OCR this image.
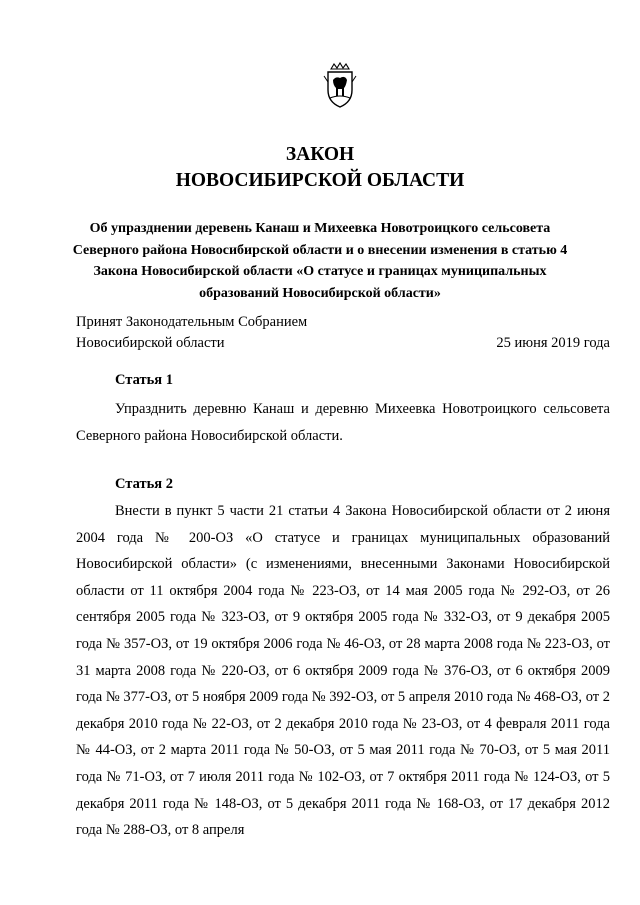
ЗАКОН
НОВОСИБИРСКОЙ ОБЛАСТИ
Об упразднении деревень Канаш и Михеевка Новотроицкого сельсовета Северного района Новосибирской области и о внесении изменения в статью 4 Закона Новосибирской области «О статусе и границах муниципальных образований Новосибирской области»
Принят Законодательным Собранием
Новосибирской области	25 июня 2019 года
Статья 1
Упразднить деревню Канаш и деревню Михеевка Новотроицкого сельсовета Северного района Новосибирской области.
Статья 2
Внести в пункт 5 части 21 статьи 4 Закона Новосибирской области от 2 июня 2004 года № 200-ОЗ «О статусе и границах муниципальных образований Новосибирской области» (с изменениями, внесенными Законами Новосибирской области от 11 октября 2004 года № 223-ОЗ, от 14 мая 2005 года № 292-ОЗ, от 26 сентября 2005 года № 323-ОЗ, от 9 октября 2005 года № 332-ОЗ, от 9 декабря 2005 года № 357-ОЗ, от 19 октября 2006 года № 46-ОЗ, от 28 марта 2008 года № 223-ОЗ, от 31 марта 2008 года № 220-ОЗ, от 6 октября 2009 года № 376-ОЗ, от 6 октября 2009 года № 377-ОЗ, от 5 ноября 2009 года № 392-ОЗ, от 5 апреля 2010 года № 468-ОЗ, от 2 декабря 2010 года № 22-ОЗ, от 2 декабря 2010 года № 23-ОЗ, от 4 февраля 2011 года № 44-ОЗ, от 2 марта 2011 года № 50-ОЗ, от 5 мая 2011 года № 70-ОЗ, от 5 мая 2011 года № 71-ОЗ, от 7 июля 2011 года № 102-ОЗ, от 7 октября 2011 года № 124-ОЗ, от 5 декабря 2011 года № 148-ОЗ, от 5 декабря 2011 года № 168-ОЗ, от 17 декабря 2012 года № 288-ОЗ, от 8 апреля
